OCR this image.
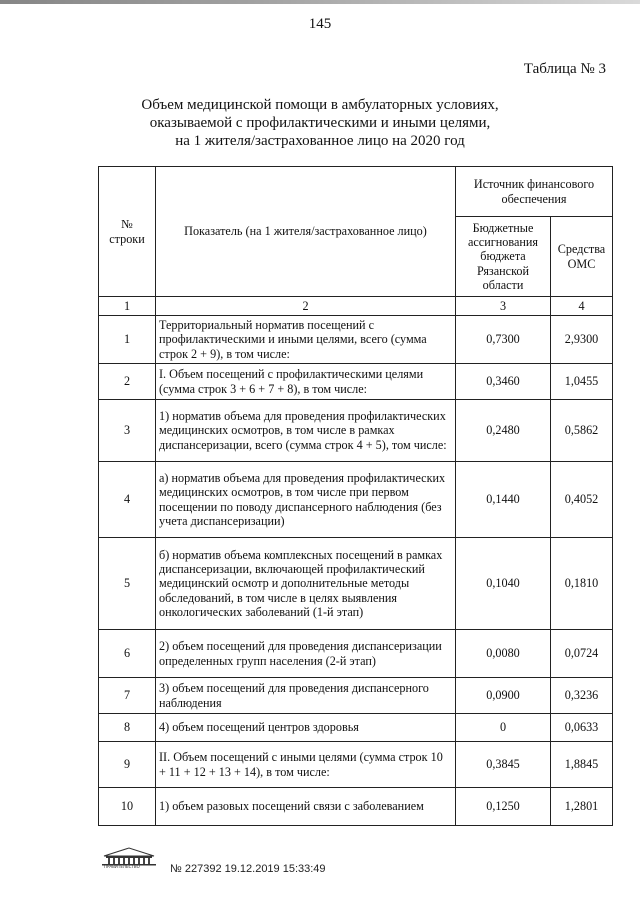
145
Таблица № 3
Объем медицинской помощи в амбулаторных условиях,
оказываемой с профилактическими и иными целями,
на 1 жителя/застрахованное лицо на 2020 год
№ строки	Показатель (на 1 жителя/застрахованное лицо)	Источник финансового обеспечения	
		Бюджетные ассигнования бюджета Рязанской области	Средства ОМС
1	2	3	4
1	Территориальный норматив посещений с профилактическими и иными целями, всего (сумма строк 2 + 9), в том числе:	0,7300	2,9300
2	I. Объем посещений с профилактическими целями (сумма строк 3 + 6 + 7 + 8), в том числе:	0,3460	1,0455
3	1) норматив объема для проведения профилактических медицинских осмотров, в том числе в рамках диспансеризации, всего (сумма строк 4 + 5), том числе:	0,2480	0,5862
4	а) норматив объема для проведения профилактических медицинских осмотров, в том числе при первом посещении по поводу диспансерного наблюдения (без учета диспансеризации)	0,1440	0,4052
5	б) норматив объема комплексных посещений в рамках диспансеризации, включающей профилактический медицинский осмотр и дополнительные методы обследований, в том числе в целях выявления онкологических заболеваний (1-й этап)	0,1040	0,1810
6	2) объем посещений для проведения диспансеризации определенных групп населения (2-й этап)	0,0080	0,0724
7	3) объем посещений для проведения диспансерного наблюдения	0,0900	0,3236
8	4) объем посещений центров здоровья	0	0,0633
9	II. Объем посещений с иными целями (сумма строк 10 + 11 + 12 + 13 + 14), в том числе:	0,3845	1,8845
10	1) объем разовых посещений связи с заболеванием	0,1250	1,2801
ПРАВИТЕЛЬСТВО	№ 227392 19.12.2019 15:33:49
